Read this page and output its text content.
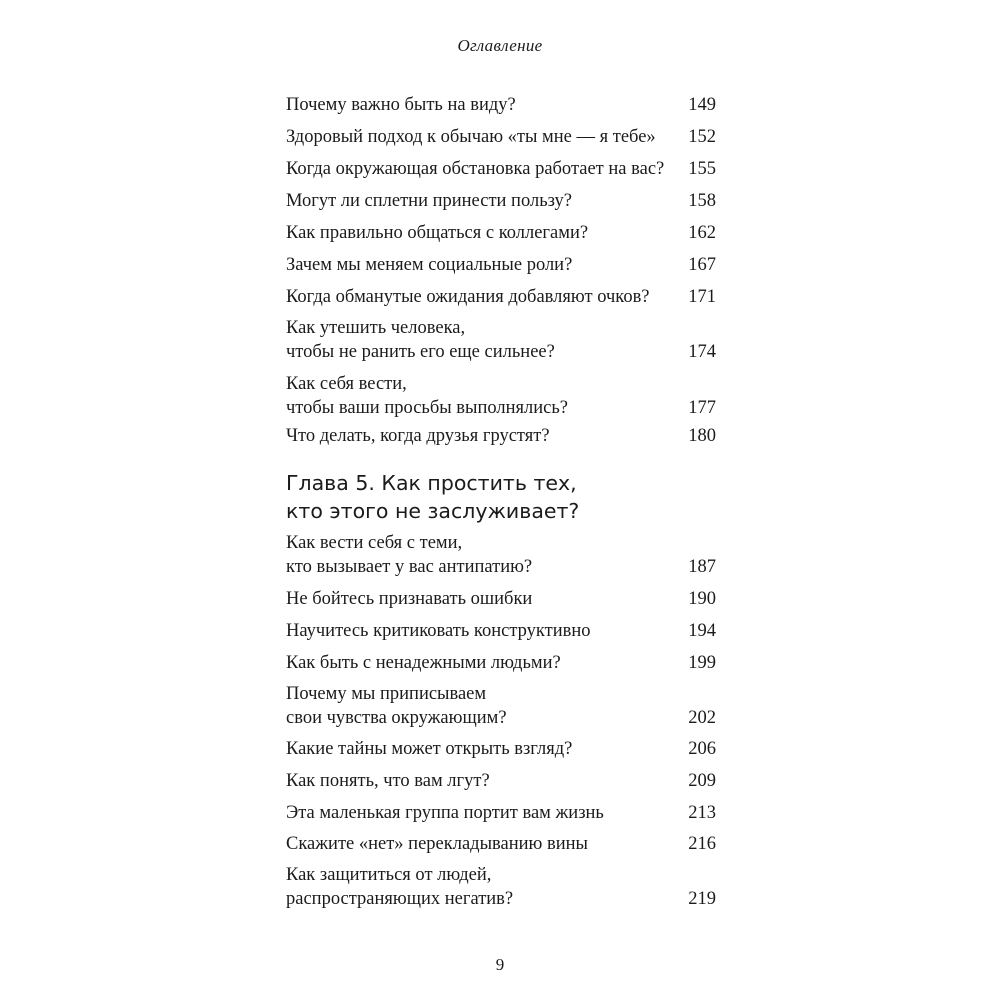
Оглавление
Почему важно быть на виду?	149
Здоровый подход к обычаю «ты мне — я тебе» 152
Когда окружающая обстановка работает на вас? 155
Могут ли сплетни принести пользу?	158
Как правильно общаться с коллегами?	162
Зачем мы меняем социальные роли?	167
Когда обманутые ожидания добавляют очков?	171
Как утешить человека,
чтобы не ранить его еще сильнее?	174
Как себя вести,
чтобы ваши просьбы выполнялись?	177
Что делать, когда друзья грустят?	180
Глава 5. Как простить тех,
кто этого не заслуживает?
Как вести себя с теми,
кто вызывает у вас антипатию?	187
Не бойтесь признавать ошибки	190
Научитесь критиковать конструктивно	194
Как быть с ненадежными людьми?	199
Почему мы приписываем
свои чувства окружающим?	202
Какие тайны может открыть взгляд?	206
Как понять, что вам лгут?	209
Эта маленькая группа портит вам жизнь	213
Скажите «нет» перекладыванию вины	216
Как защититься от людей,
распространяющих негатив?	219
9
